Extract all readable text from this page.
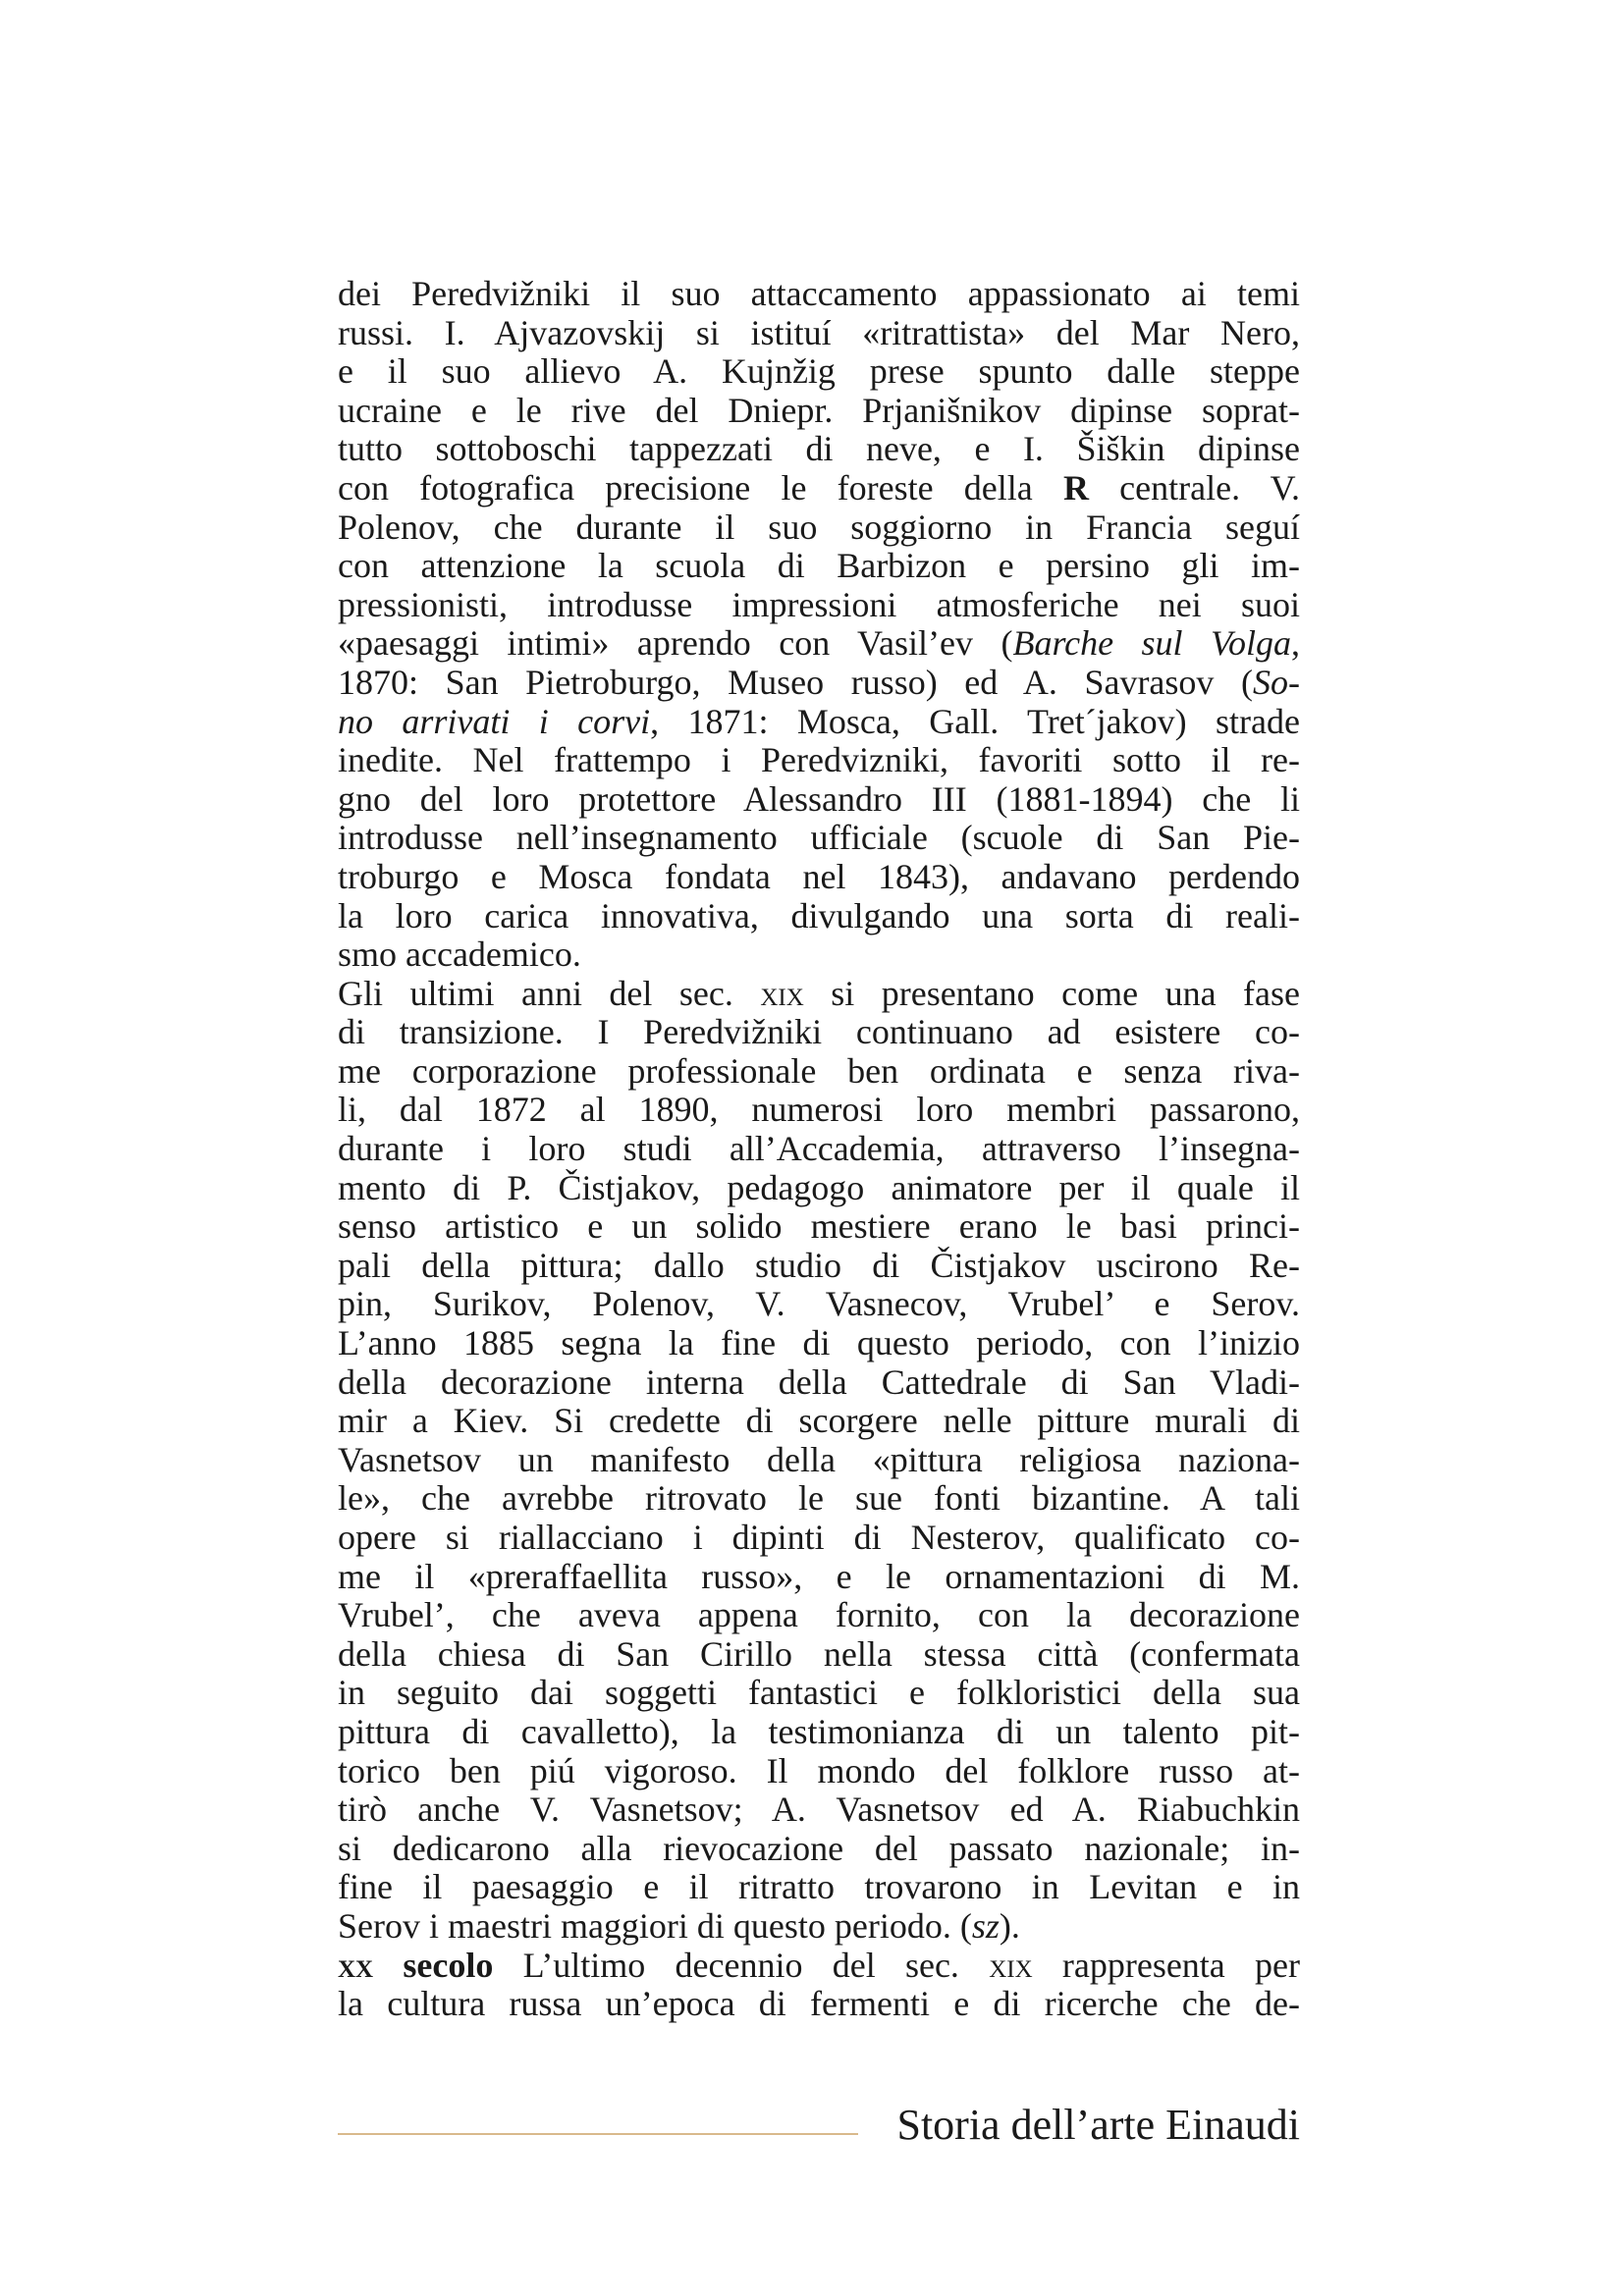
dei Peredvižniki il suo attaccamento appassionato ai temi
russi. I. Ajvazovskij si istituí «ritrattista» del Mar Nero,
e il suo allievo A. Kujnžig prese spunto dalle steppe
ucraine e le rive del Dniepr. Prjanišnikov dipinse soprat-
tutto sottoboschi tappezzati di neve, e I. Šiškin dipinse
con fotografica precisione le foreste della R centrale. V.
Polenov, che durante il suo soggiorno in Francia seguí
con attenzione la scuola di Barbizon e persino gli im-
pressionisti, introdusse impressioni atmosferiche nei suoi
«paesaggi intimi» aprendo con Vasil’ev (Barche sul Volga,
1870: San Pietroburgo, Museo russo) ed A. Savrasov (So-
no arrivati i corvi, 1871: Mosca, Gall. Tret´jakov) strade
inedite. Nel frattempo i Peredvizniki, favoriti sotto il re-
gno del loro protettore Alessandro III (1881-1894) che li
introdusse nell’insegnamento ufficiale (scuole di San Pie-
troburgo e Mosca fondata nel 1843), andavano perdendo
la loro carica innovativa, divulgando una sorta di reali-
smo accademico.
Gli ultimi anni del sec. xix si presentano come una fase
di transizione. I Peredvižniki continuano ad esistere co-
me corporazione professionale ben ordinata e senza riva-
li, dal 1872 al 1890, numerosi loro membri passarono,
durante i loro studi all’Accademia, attraverso l’insegna-
mento di P. Čistjakov, pedagogo animatore per il quale il
senso artistico e un solido mestiere erano le basi princi-
pali della pittura; dallo studio di Čistjakov uscirono Re-
pin, Surikov, Polenov, V. Vasnecov, Vrubel’ e Serov.
L’anno 1885 segna la fine di questo periodo, con l’inizio
della decorazione interna della Cattedrale di San Vladi-
mir a Kiev. Si credette di scorgere nelle pitture murali di
Vasnetsov un manifesto della «pittura religiosa naziona-
le», che avrebbe ritrovato le sue fonti bizantine. A tali
opere si riallacciano i dipinti di Nesterov, qualificato co-
me il «preraffaellita russo», e le ornamentazioni di M.
Vrubel’, che aveva appena fornito, con la decorazione
della chiesa di San Cirillo nella stessa città (confermata
in seguito dai soggetti fantastici e folkloristici della sua
pittura di cavalletto), la testimonianza di un talento pit-
torico ben piú vigoroso. Il mondo del folklore russo at-
tirò anche V. Vasnetsov; A. Vasnetsov ed A. Riabuchkin
si dedicarono alla rievocazione del passato nazionale; in-
fine il paesaggio e il ritratto trovarono in Levitan e in
Serov i maestri maggiori di questo periodo. (sz).
xx secolo L’ultimo decennio del sec. xix rappresenta per
la cultura russa un’epoca di fermenti e di ricerche che de-
Storia dell’arte Einaudi
